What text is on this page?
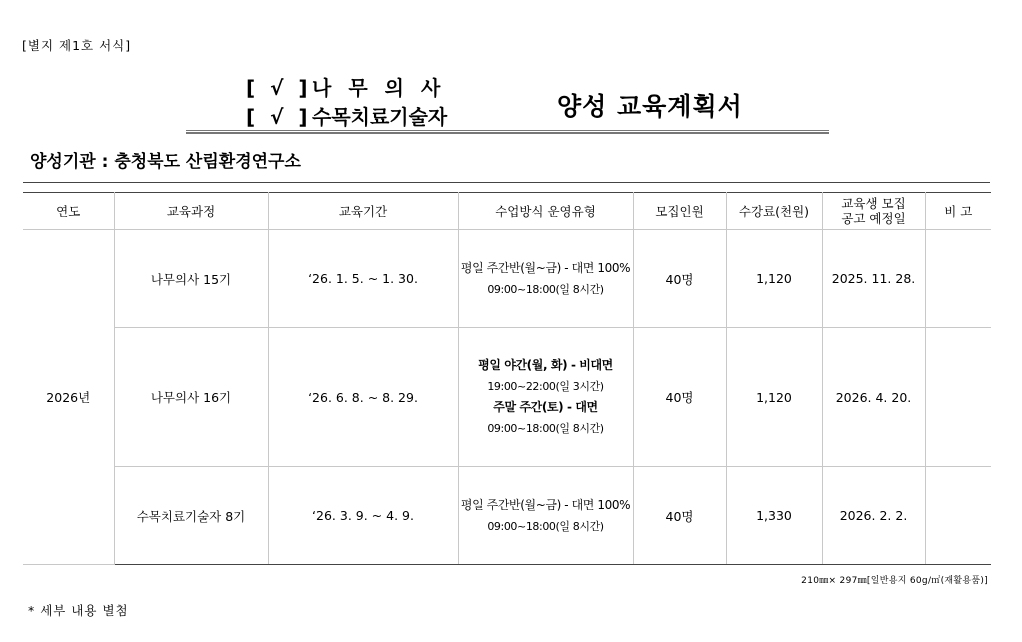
[별지 제1호 서식]
[ √ ]나무의사
[ √ ]수목치료기술자	양성 교육계획서
양성기관 : 충청북도 산림환경연구소
연도	교육과정	교육기간	수업방식 운영유형	모집인원	수강료(천원)	교육생 모집
공고 예정일	비 고
2026년	나무의사 15기	‘26. 1. 5. ~ 1. 30.	평일 주간반(월~금) - 대면 100%
09:00~18:00(일 8시간)	40명	1,120	2025. 11. 28.	
	나무의사 16기	‘26. 6. 8. ~ 8. 29.	평일 야간(월, 화) - 비대면
19:00~22:00(일 3시간)
주말 주간(토) - 대면
09:00~18:00(일 8시간)	40명	1,120	2026. 4. 20.	
	수목치료기술자 8기	‘26. 3. 9. ~ 4. 9.	평일 주간반(월~금) - 대면 100%
09:00~18:00(일 8시간)	40명	1,330	2026. 2. 2.	
210㎜× 297㎜[일반용지 60g/㎡(재활용품)]
* 세부 내용 별첨
